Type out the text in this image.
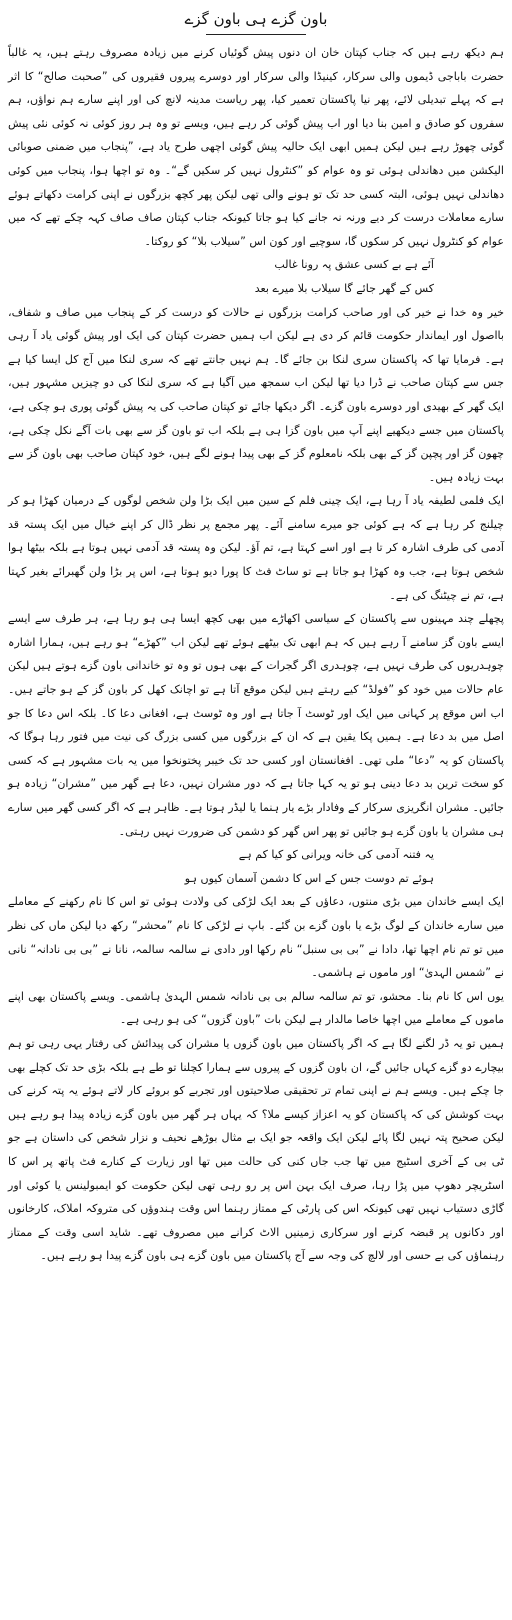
باون گزے ہی باون گزے

ہم دیکھ رہے ہیں کہ جناب کپتان خان ان دنوں پیش گوئیاں کرنے میں زیادہ مصروف رہتے ہیں، یہ غالباً حضرت باباجی ڈیموں والی سرکار، کینیڈا والی سرکار اور دوسرے پیروں فقیروں کی ”صحبت صالح“ کا اثر ہے کہ پہلے تبدیلی لائے، پھر نیا پاکستان تعمیر کیا، پھر ریاست مدینہ لانچ کی اور اپنے سارے ہم نواؤں، ہم سفروں کو صادق و امین بنا دیا اور اب پیش گوئی کر رہے ہیں، ویسے تو وہ ہر روز کوئی نہ کوئی نئی پیش گوئی چھوڑ رہے ہیں لیکن ہمیں ابھی ایک حالیہ پیش گوئی اچھی طرح یاد ہے، ”پنجاب میں ضمنی صوبائی الیکشن میں دھاندلی ہوئی تو وہ عوام کو ”کنٹرول نہیں کر سکیں گے“۔ وہ تو اچھا ہوا، پنجاب میں کوئی دھاندلی نہیں ہوئی، البتہ کسی حد تک تو ہونے والی تھی لیکن پھر کچھ بزرگوں نے اپنی کرامت دکھاتے ہوئے سارے معاملات درست کر دیے ورنہ نہ جانے کیا ہو جاتا کیونکہ جناب کپتان صاف صاف کہہ چکے تھے کہ میں عوام کو کنٹرول نہیں کر سکوں گا، سوچیے اور کون اس ”سیلاب بلا“ کو روکتا۔

آئے ہے بے کسی عشق پہ رونا غالب
کس کے گھر جائے گا سیلاب بلا میرے بعد

خیر وہ خدا نے خیر کی اور صاحب کرامت بزرگوں نے حالات کو درست کر کے پنجاب میں صاف و شفاف، بااصول اور ایماندار حکومت قائم کر دی ہے لیکن اب ہمیں حضرت کپتان کی ایک اور پیش گوئی یاد آ رہی ہے۔ فرمایا تھا کہ پاکستان سری لنکا بن جائے گا۔ ہم نہیں جانتے تھے کہ سری لنکا میں آج کل ایسا کیا ہے جس سے کپتان صاحب نے ڈرا دیا تھا لیکن اب سمجھ میں آگیا ہے کہ سری لنکا کی دو چیزیں مشہور ہیں، ایک گھر کے بھیدی اور دوسرے باون گزے۔ اگر دیکھا جائے تو کپتان صاحب کی یہ پیش گوئی پوری ہو چکی ہے، پاکستان میں جسے دیکھیے اپنے آپ میں باون گزا ہی ہے بلکہ اب تو باون گز سے بھی بات آگے نکل چکی ہے، چھون گز اور پچپن گز کے بھی بلکہ نامعلوم گز کے بھی پیدا ہونے لگے ہیں، خود کپتان صاحب بھی باون گز سے بہت زیادہ ہیں۔

ایک فلمی لطیفہ یاد آ رہا ہے، ایک چینی فلم کے سین میں ایک بڑا ولن شخص لوگوں کے درمیان کھڑا ہو کر چیلنج کر رہا ہے کہ ہے کوئی جو میرے سامنے آئے۔ پھر مجمع پر نظر ڈال کر اپنے خیال میں ایک پستہ قد آدمی کی طرف اشارہ کر تا ہے اور اسے کہتا ہے، تم آؤ۔ لیکن وہ پستہ قد آدمی نہیں ہوتا ہے بلکہ بیٹھا ہوا شخص ہوتا ہے، جب وہ کھڑا ہو جاتا ہے تو ساٹ فٹ کا پورا دیو ہوتا ہے، اس پر بڑا ولن گھبرائے بغیر کہتا ہے، تم نے چیٹنگ کی ہے۔

پچھلے چند مہینوں سے پاکستان کے سیاسی اکھاڑے میں بھی کچھ ایسا ہی ہو رہا ہے، ہر طرف سے ایسے ایسے باون گز سامنے آ رہے ہیں کہ ہم ابھی تک بیٹھے ہوئے تھے لیکن اب ”کھڑے“ ہو رہے ہیں، ہمارا اشارہ چوہدریوں کی طرف نہیں ہے، چوہدری اگر گجرات کے بھی ہوں تو وہ تو خاندانی باون گزے ہوتے ہیں لیکن عام حالات میں خود کو ”فولڈ“ کیے رہتے ہیں لیکن موقع آتا ہے تو اچانک کھل کر باون گز کے ہو جاتے ہیں۔ اب اس موقع پر کہانی میں ایک اور ٹوسٹ آ جاتا ہے اور وہ ٹوسٹ ہے، افغانی دعا کا۔ بلکہ اس دعا کا جو اصل میں بد دعا ہے۔ ہمیں پکا یقین ہے کہ ان کے بزرگوں میں کسی بزرگ کی نیت میں فتور رہا ہوگا کہ پاکستان کو یہ ”دعا“ ملی تھی۔ افغانستان اور کسی حد تک خیبر پختونخوا میں یہ بات مشہور ہے کہ کسی کو سخت ترین بد دعا دینی ہو تو یہ کہا جاتا ہے کہ دور مشران نہیں، دعا ہے گھر میں ”مشران“ زیادہ ہو جائیں۔ مشران انگریزی سرکار کے وفادار بڑے یار ہنما یا لیڈر ہوتا ہے۔ ظاہر ہے کہ اگر کسی گھر میں سارے ہی مشران یا باون گزے ہو جائیں تو پھر اس گھر کو دشمن کی ضرورت نہیں رہتی۔

یہ فتنہ آدمی کی خانہ ویرانی کو کیا کم ہے
ہوئے تم دوست جس کے اس کا دشمن آسمان کیوں ہو

ایک ایسے خاندان میں بڑی منتوں، دعاؤں کے بعد ایک لڑکی کی ولادت ہوئی تو اس کا نام رکھنے کے معاملے میں سارے خاندان کے لوگ بڑے یا باون گزے بن گئے۔ باپ نے لڑکی کا نام ”محشر“ رکھ دیا لیکن ماں کی نظر میں تو تم نام اچھا تھا، دادا نے ”بی بی سنبل“ نام رکھا اور دادی نے سالمہ سالمہ، نانا نے ”بی بی نادانہ“ نانی نے ”شمس الہدیٰ“ اور ماموں نے ہاشمی۔

یوں اس کا نام بنا۔ محشو، تو تم سالمہ سالم بی بی نادانہ شمس الہدیٰ ہاشمی۔ ویسے پاکستان بھی اپنے ماموں کے معاملے میں اچھا خاصا مالدار ہے لیکن بات ”باون گزوں“ کی ہو رہی ہے۔

ہمیں تو یہ ڈر لگنے لگا ہے کہ اگر پاکستان میں باون گزوں یا مشران کی پیدائش کی رفتار یہی رہی تو ہم بیچارے دو گزے کہاں جائیں گے، ان باون گزوں کے پیروں سے ہمارا کچلنا تو طے ہے بلکہ بڑی حد تک کچلے بھی جا چکے ہیں۔ ویسے ہم نے اپنی تمام تر تحقیقی صلاحیتوں اور تجربے کو بروئے کار لاتے ہوئے یہ پتہ کرنے کی بہت کوشش کی کہ پاکستان کو یہ اعزاز کیسے ملا؟ کہ یہاں ہر گھر میں باون گزے زیادہ پیدا ہو رہے ہیں لیکن صحیح پتہ نہیں لگا پائے لیکن ایک واقعہ جو ایک بے مثال بوڑھے نحیف و نزار شخص کی داستان ہے جو ٹی بی کے آخری اسٹیج میں تھا جب جاں کنی کی حالت میں تھا اور زیارت کے کنارے فٹ پاتھ پر اس کا اسٹریچر دھوپ میں پڑا رہا، صرف ایک بہن اس پر رو رہی تھی لیکن حکومت کو ایمبولینس یا کوئی اور گاڑی دستیاب نہیں تھی کیونکہ اس کی پارٹی کے ممتاز رہنما اس وقت ہندوؤں کی متروکہ املاک، کارخانوں اور دکانوں پر قبضہ کرنے اور سرکاری زمینیں الاٹ کرانے میں مصروف تھے۔ شاید اسی وقت کے ممتاز رہنماؤں کی بے حسی اور لالچ کی وجہ سے آج پاکستان میں باون گزے ہی باون گزے پیدا ہو رہے ہیں۔
